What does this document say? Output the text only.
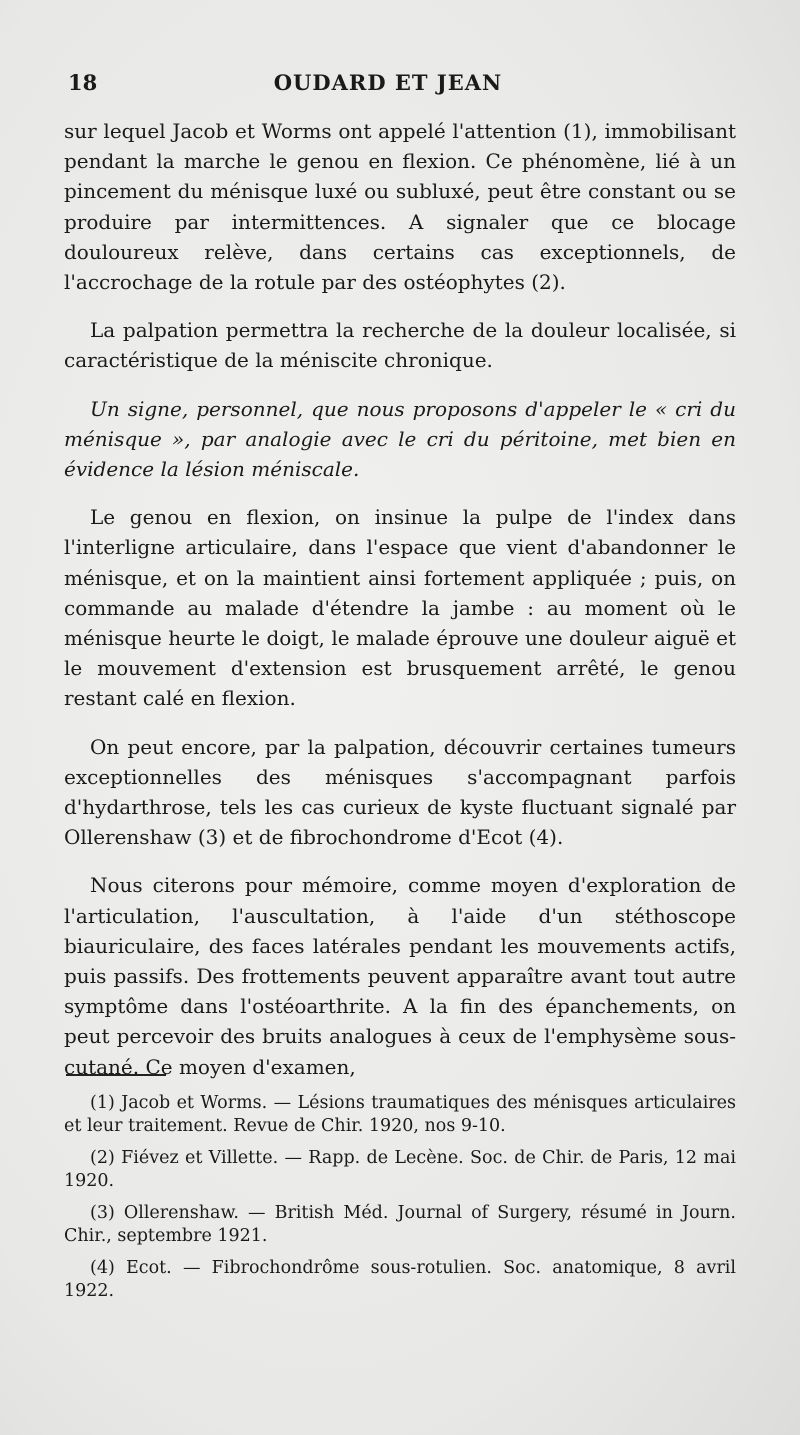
18	OUDARD ET JEAN

sur lequel Jacob et Worms ont appelé l'attention (1), immobilisant pendant la marche le genou en flexion. Ce phénomène, lié à un pincement du ménisque luxé ou subluxé, peut être constant ou se produire par intermittences. A signaler que ce blocage douloureux relève, dans certains cas exceptionnels, de l'accrochage de la rotule par des ostéophytes (2).

La palpation permettra la recherche de la douleur localisée, si caractéristique de la méniscite chronique.

Un signe, personnel, que nous proposons d'appeler le « cri du ménisque », par analogie avec le cri du péritoine, met bien en évidence la lésion méniscale.

Le genou en flexion, on insinue la pulpe de l'index dans l'interligne articulaire, dans l'espace que vient d'abandonner le ménisque, et on la maintient ainsi fortement appliquée ; puis, on commande au malade d'étendre la jambe : au moment où le ménisque heurte le doigt, le malade éprouve une douleur aiguë et le mouvement d'extension est brusquement arrêté, le genou restant calé en flexion.

On peut encore, par la palpation, découvrir certaines tumeurs exceptionnelles des ménisques s'accompagnant parfois d'hydarthrose, tels les cas curieux de kyste fluctuant signalé par Ollerenshaw (3) et de fibrochondrome d'Ecot (4).

Nous citerons pour mémoire, comme moyen d'exploration de l'articulation, l'auscultation, à l'aide d'un stéthoscope biauriculaire, des faces latérales pendant les mouvements actifs, puis passifs. Des frottements peuvent apparaître avant tout autre symptôme dans l'ostéoarthrite. A la fin des épanchements, on peut percevoir des bruits analogues à ceux de l'emphysème sous-cutané. Ce moyen d'examen,

(1) Jacob et Worms. — Lésions traumatiques des ménisques articulaires et leur traitement. Revue de Chir. 1920, nos 9-10.

(2) Fiévez et Villette. — Rapp. de Lecène. Soc. de Chir. de Paris, 12 mai 1920.

(3) Ollerenshaw. — British Méd. Journal of Surgery, résumé in Journ. Chir., septembre 1921.

(4) Ecot. — Fibrochondrôme sous-rotulien. Soc. anatomique, 8 avril 1922.
